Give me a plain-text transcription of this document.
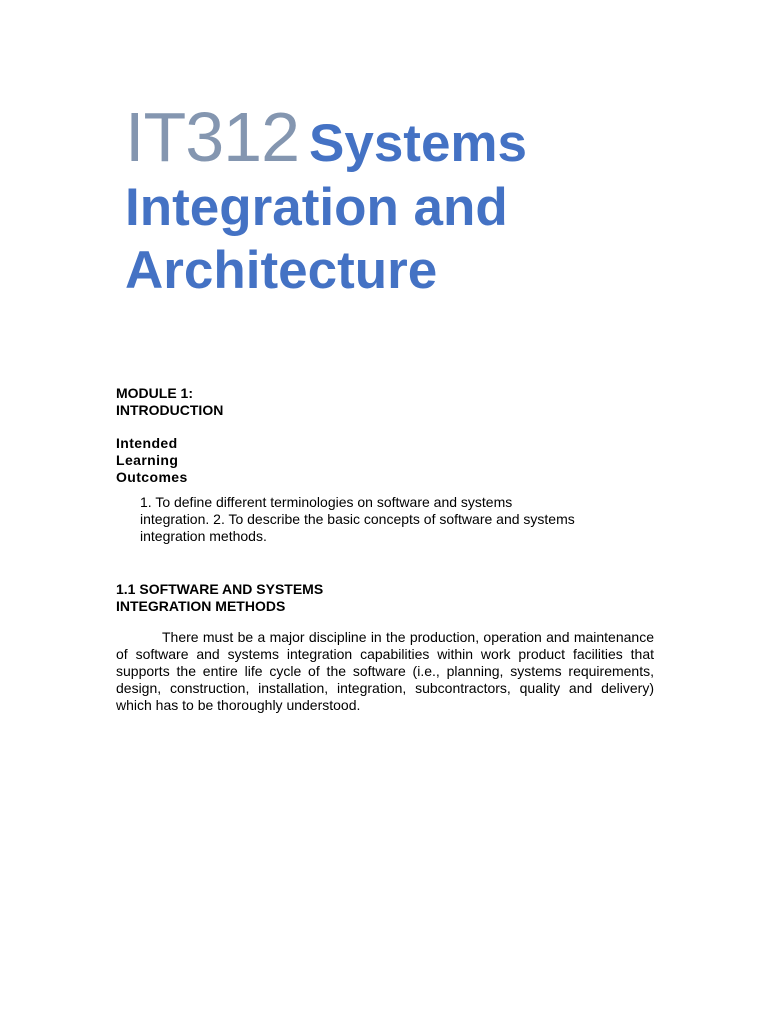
IT312 Systems
Integration and
Architecture
MODULE 1:
INTRODUCTION
Intended
Learning
Outcomes
1. To define different terminologies on software and systems integration. 2. To describe the basic concepts of software and systems integration methods.
1.1 SOFTWARE AND SYSTEMS
INTEGRATION METHODS
There must be a major discipline in the production, operation and maintenance of software and systems integration capabilities within work product facilities that supports the entire life cycle of the software (i.e., planning, systems requirements, design, construction, installation, integration, subcontractors, quality and delivery) which has to be thoroughly understood.
